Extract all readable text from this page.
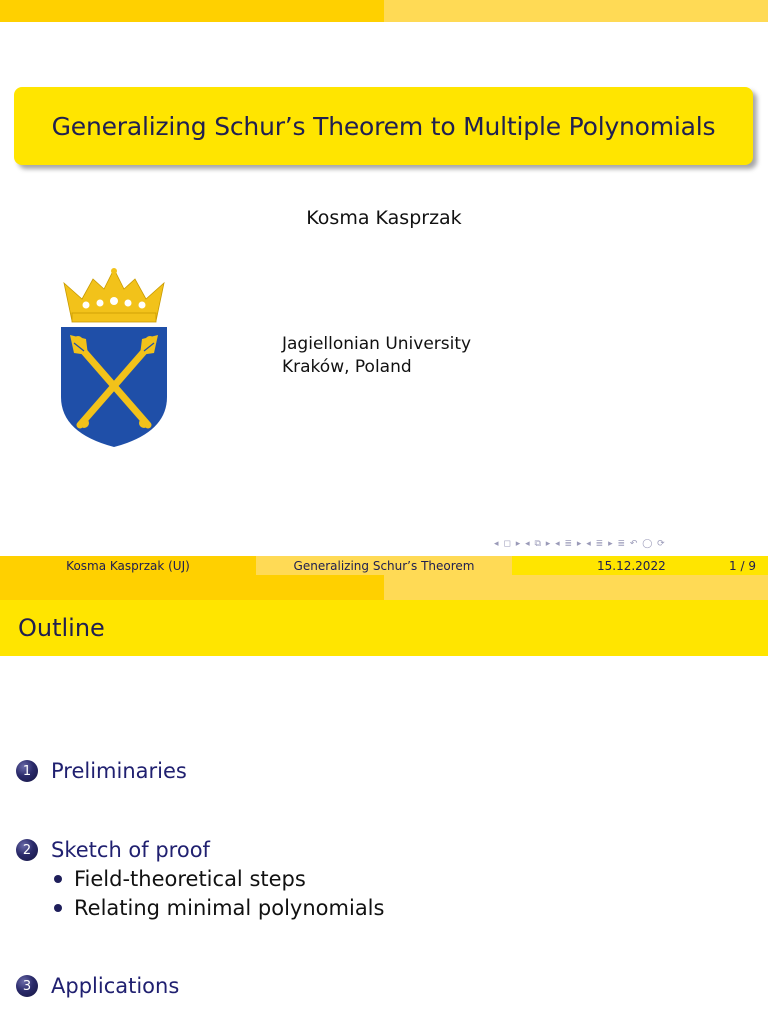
Generalizing Schur’s Theorem to Multiple Polynomials
Kosma Kasprzak
Jagiellonian University
Kraków, Poland
◂ ◻ ▸ ◂ ⧉ ▸ ◂ ≣ ▸ ◂ ≣ ▸ ≣ ↶ ◯ ⟳
Kosma Kasprzak (UJ)	Generalizing Schur’s Theorem	15.12.2022	1 / 9
Outline
1 Preliminaries
2 Sketch of proof
Field-theoretical steps
Relating minimal polynomials
3 Applications
